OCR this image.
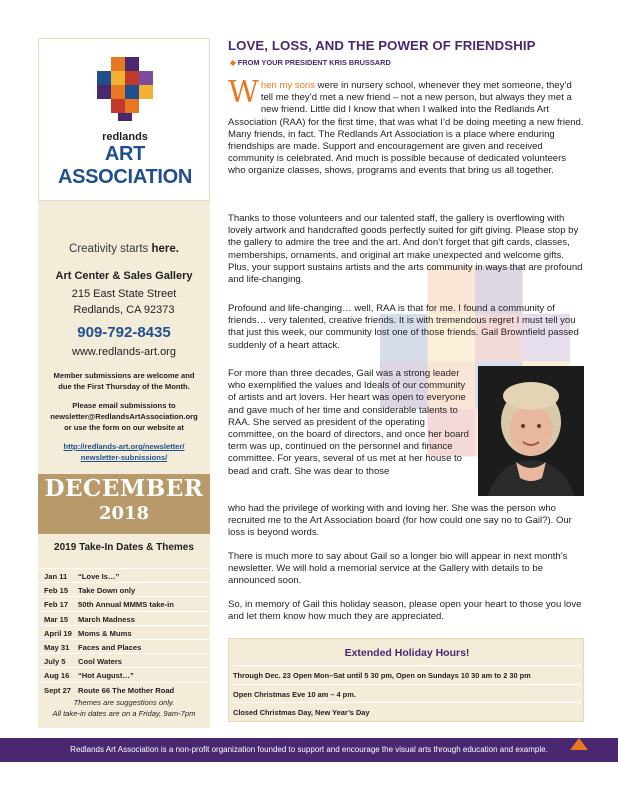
redlands
ART ASSOCIATION
Creativity starts here.
Art Center & Sales Gallery
215 East State Street
Redlands, CA 92373
909-792-8435
www.redlands-art.org
Member submissions are welcome and due the First Thursday of the Month.
Please email submissions to newsletter@RedlandsArtAssociation.org or use the form on our website at
http://redlands-art.org/newsletter/ newsletter-subnissions/
DECEMBER
2018
2019 Take-In Dates & Themes
Jan 11 “Love Is…”
Feb 15 Take Down only
Feb 17 50th Annual MMMS take-in
Mar 15 March Madness
April 19 Moms & Mums
May 31 Faces and Places
July 5 Cool Waters
Aug 16 “Hot August…”
Sept 27 Route 66 The Mother Road
Themes are suggestions only.
All take-in dates are on a Friday, 9am-7pm
LOVE, LOSS, AND THE POWER OF FRIENDSHIP
◆ FROM YOUR PRESIDENT KRIS BRUSSARD
When my sons were in nursery school, whenever they met someone, they’d tell me they’d met a new friend – not a new person, but always they met a new friend. Little did I know that when I walked into the Redlands Art Association (RAA) for the first time, that was what I’d be doing meeting a new friend. Many friends, in fact. The Redlands Art Association is a place where enduring friendships are made. Support and encouragement are given and received community is celebrated. And much is possible because of dedicated volunteers who organize classes, shows, programs and events that bring us all together.
Thanks to those volunteers and our talented staff, the gallery is overflowing with lovely artwork and handcrafted goods perfectly suited for gift giving. Please stop by the gallery to admire the tree and the art. And don’t forget that gift cards, classes, memberships, ornaments, and original art make unexpected and welcome gifts. Plus, your support sustains artists and the arts community in ways that are profound and life-changing.
Profound and life-changing… well, RAA is that for me. I found a community of friends… very talented, creative friends. It is with tremendous regret I must tell you that just this week, our community lost one of those friends. Gail Brownfield passed suddenly of a heart attack.
For more than three decades, Gail was a strong leader who exemplified the values and Ideals of our community of artists and art lovers. Her heart was open to everyone and gave much of her time and considerable talents to RAA. She served as president of the operating committee, on the board of directors, and once her board term was up, continued on the personnel and finance committee. For years, several of us met at her house to bead and craft. She was dear to those
who had the privilege of working with and loving her. She was the person who recruited me to the Art Association board (for how could one say no to Gail?). Our loss is beyond words.
There is much more to say about Gail so a longer bio will appear in next month’s newsletter. We will hold a memorial service at the Gallery with details to be announced soon.
So, in memory of Gail this holiday season, please open your heart to those you love and let them know how much they are appreciated.
Extended Holiday Hours!
Through Dec. 23 Open Mon–Sat until 5 30 pm, Open on Sundays 10 30 am to 2 30 pm
Open Christmas Eve 10 am – 4 pm.
Closed Christmas Day, New Year’s Day
Redlands Art Association is a non-profit organization founded to support and encourage the visual arts through education and example.
